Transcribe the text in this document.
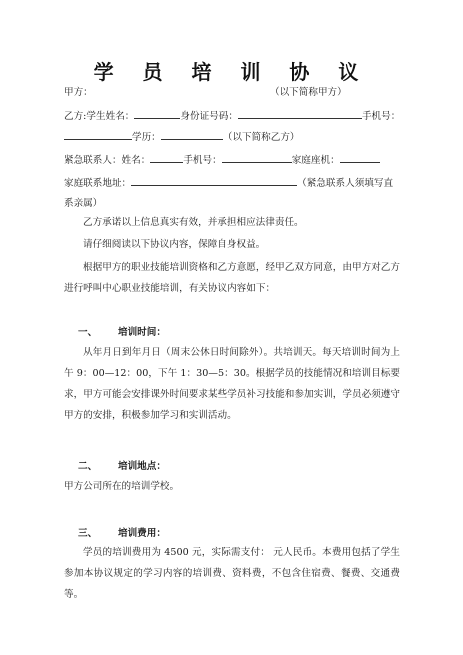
学 员 培 训 协 议
甲方：	（以下简称甲方）
乙方:学生姓名：	身份证号码：	手机号：
学历：	（以下简称乙方）
紧急联系人：姓名：	手机号：	家庭座机：
家庭联系地址：	（紧急联系人须填写直
系亲属）
乙方承诺以上信息真实有效，并承担相应法律责任。
请仔细阅读以下协议内容，保障自身权益。
根据甲方的职业技能培训资格和乙方意愿，经甲乙双方同意，由甲方对乙方进行呼叫中心职业技能培训，有关协议内容如下：
一、 培训时间：
从年月日到年月日（周末公休日时间除外）。共培训天。每天培训时间为上午 9：00—12：00，下午 1：30—5：30。根据学员的技能情况和培训目标要求，甲方可能会安排课外时间要求某些学员补习技能和参加实训，学员必须遵守甲方的安排，积极参加学习和实训活动。
二、 培训地点：
甲方公司所在的培训学校。
三、 培训费用：
学员的培训费用为 4500 元，实际需支付： 元人民币。本费用包括了学生参加本协议规定的学习内容的培训费、资料费，不包含住宿费、餐费、交通费等。
